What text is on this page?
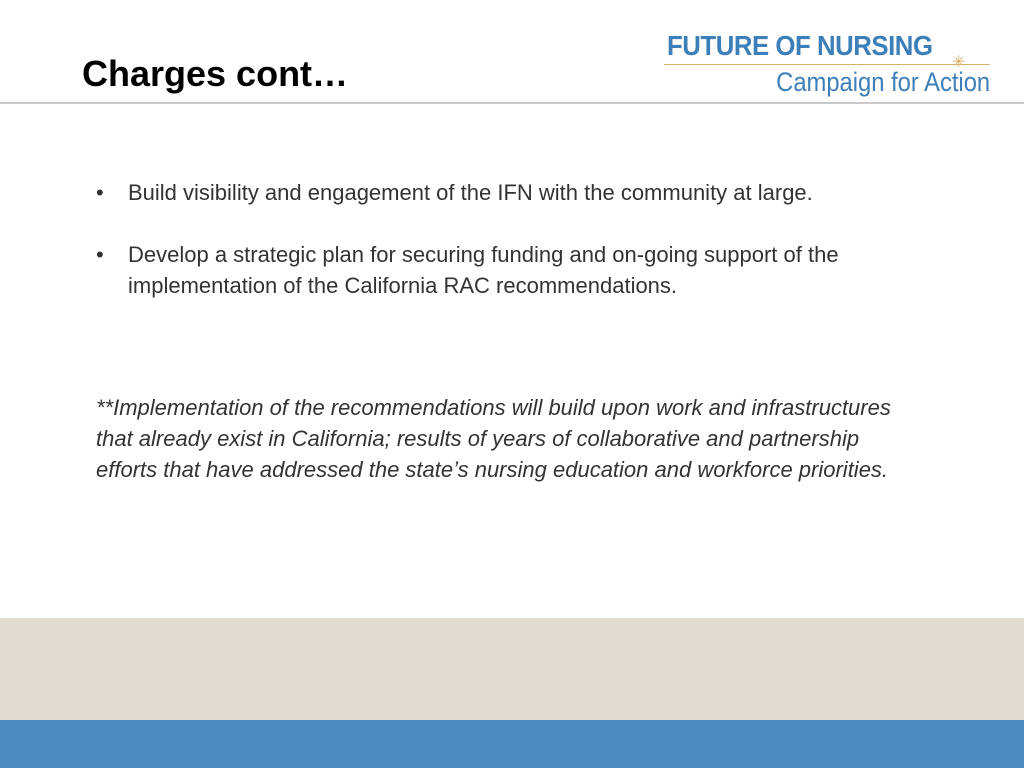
Charges cont…
FUTURE OF NURSING
✳
Campaign for Action
•	Build visibility and engagement of the IFN with the community at large.
•	Develop a strategic plan for securing funding and on-going support of the implementation of the California RAC recommendations.

**Implementation of the recommendations will build upon work and infrastructures that already exist in California; results of years of collaborative and partnership efforts that have addressed the state’s nursing education and workforce priorities.
